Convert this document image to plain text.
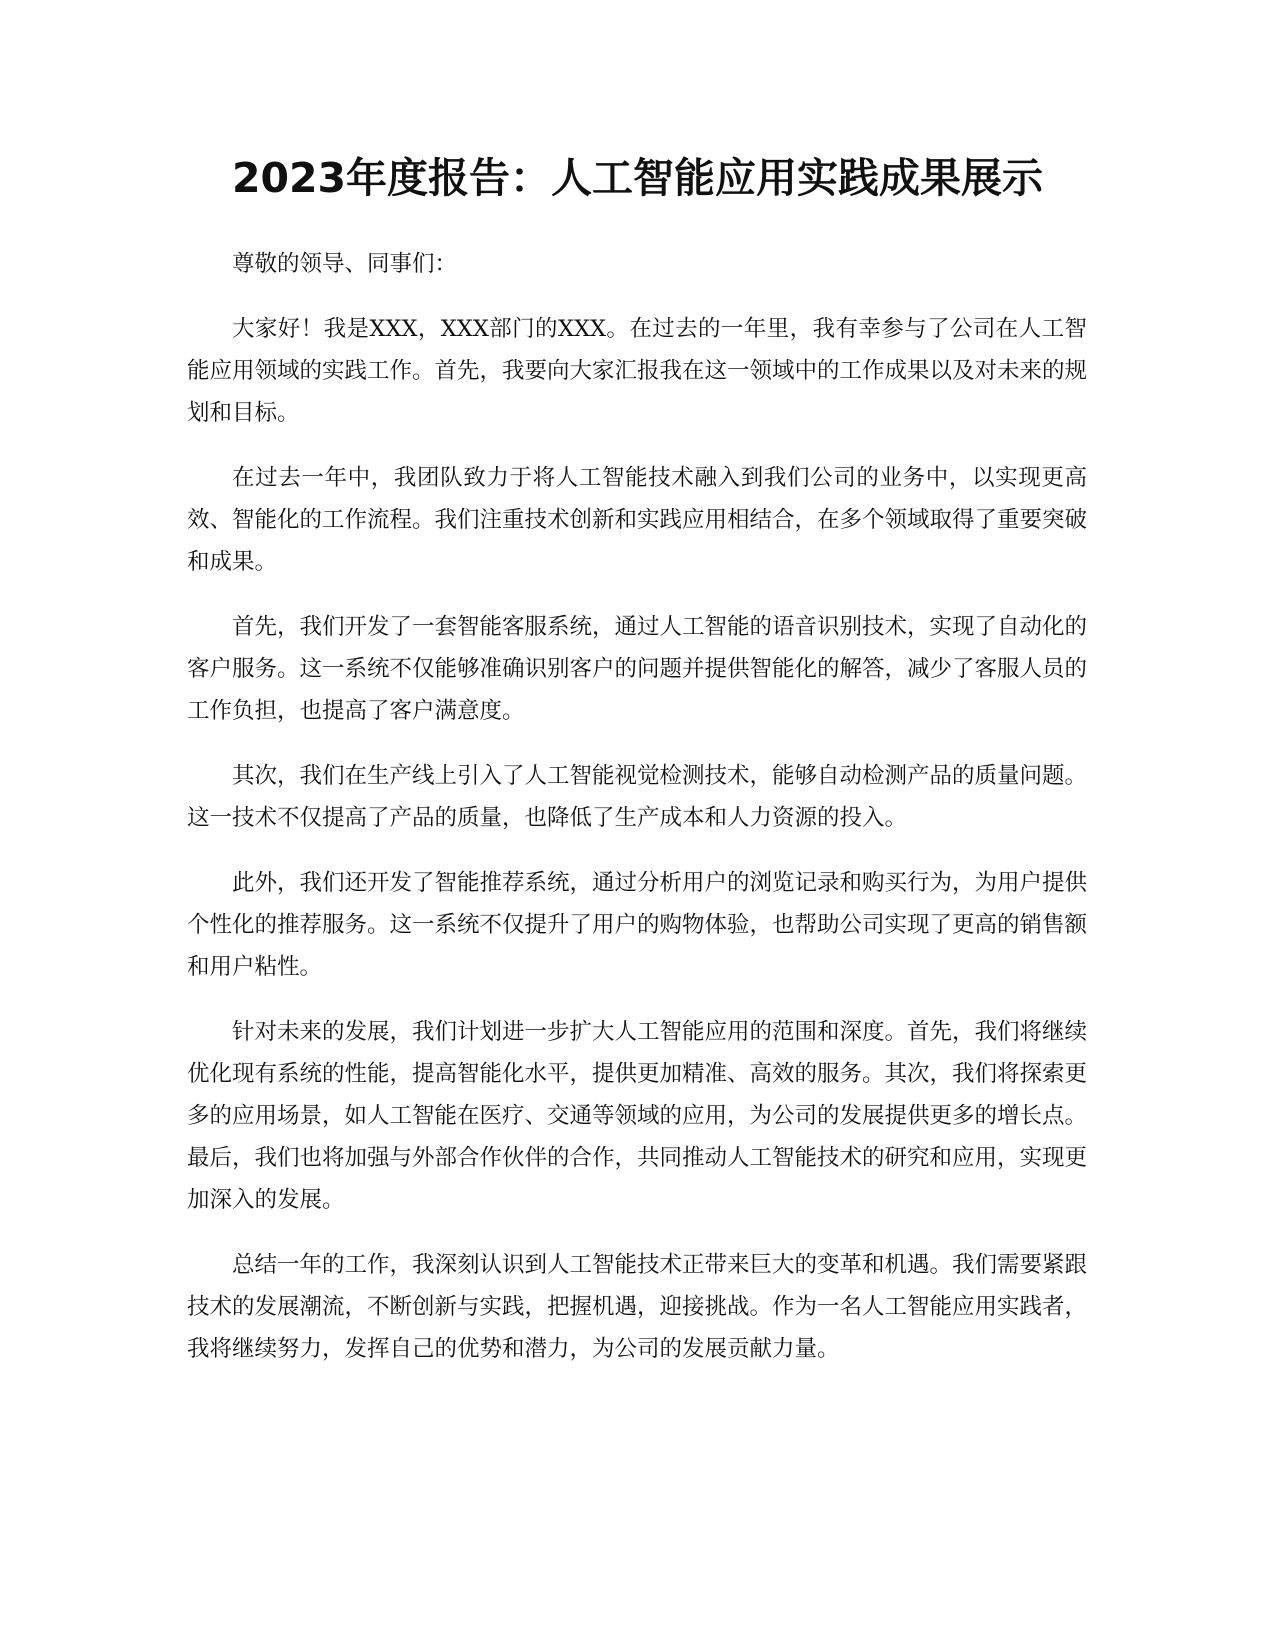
2023年度报告：人工智能应用实践成果展示

尊敬的领导、同事们：

大家好！我是XXX，XXX部门的XXX。在过去的一年里，我有幸参与了公司在人工智能应用领域的实践工作。首先，我要向大家汇报我在这一领域中的工作成果以及对未来的规划和目标。

在过去一年中，我团队致力于将人工智能技术融入到我们公司的业务中，以实现更高效、智能化的工作流程。我们注重技术创新和实践应用相结合，在多个领域取得了重要突破和成果。

首先，我们开发了一套智能客服系统，通过人工智能的语音识别技术，实现了自动化的客户服务。这一系统不仅能够准确识别客户的问题并提供智能化的解答，减少了客服人员的工作负担，也提高了客户满意度。

其次，我们在生产线上引入了人工智能视觉检测技术，能够自动检测产品的质量问题。这一技术不仅提高了产品的质量，也降低了生产成本和人力资源的投入。

此外，我们还开发了智能推荐系统，通过分析用户的浏览记录和购买行为，为用户提供个性化的推荐服务。这一系统不仅提升了用户的购物体验，也帮助公司实现了更高的销售额和用户粘性。

针对未来的发展，我们计划进一步扩大人工智能应用的范围和深度。首先，我们将继续优化现有系统的性能，提高智能化水平，提供更加精准、高效的服务。其次，我们将探索更多的应用场景，如人工智能在医疗、交通等领域的应用，为公司的发展提供更多的增长点。最后，我们也将加强与外部合作伙伴的合作，共同推动人工智能技术的研究和应用，实现更加深入的发展。

总结一年的工作，我深刻认识到人工智能技术正带来巨大的变革和机遇。我们需要紧跟技术的发展潮流，不断创新与实践，把握机遇，迎接挑战。作为一名人工智能应用实践者，我将继续努力，发挥自己的优势和潜力，为公司的发展贡献力量。
